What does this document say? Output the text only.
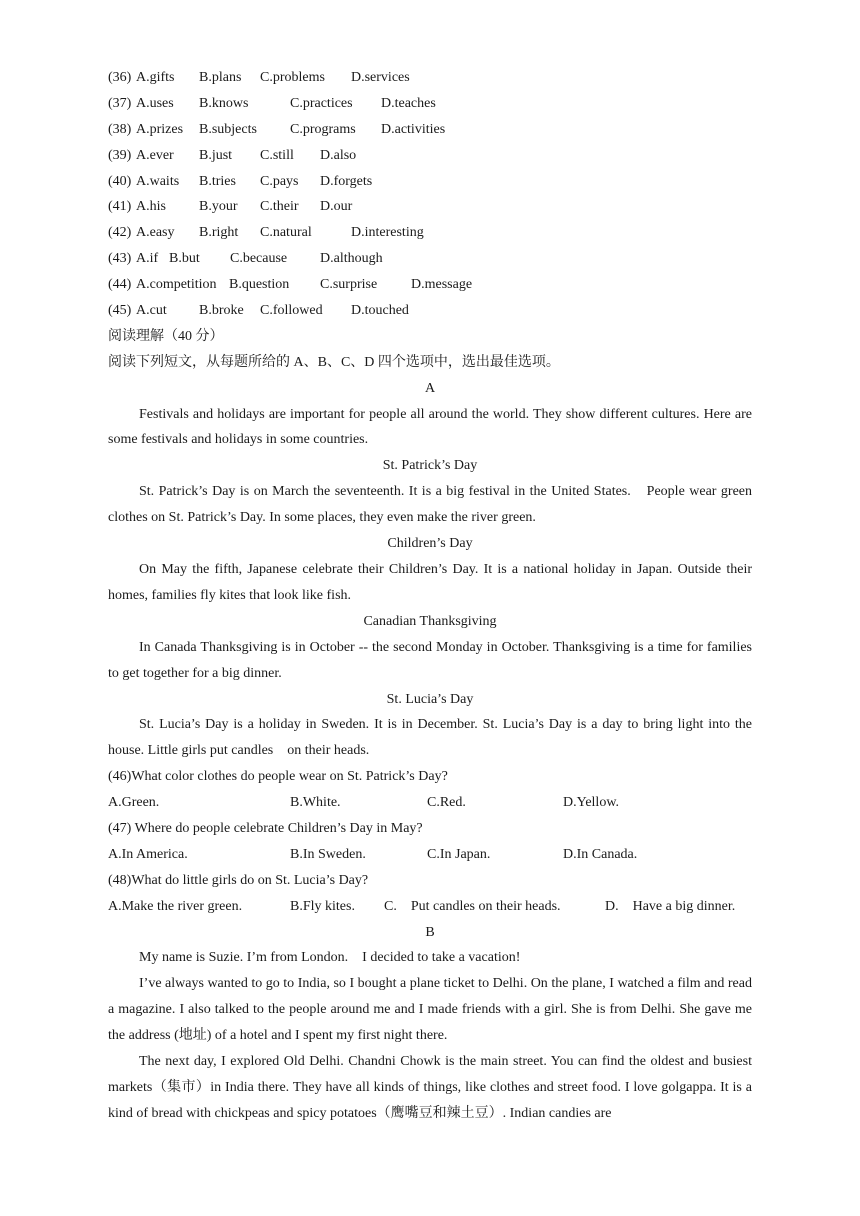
(36) A.gifts B.plans C.problems D.services
(37) A.uses B.knows	C.practices D.teaches
(38) A.prizes B.subjects C.programs D.activities
(39) A.ever B.just C.still D.also
(40) A.waits B.tries C.pays D.forgets
(41) A.his B.your C.their D.our
(42) A.easy B.right C.natural	D.interesting
(43) A.if B.but C.because D.although
(44) A.competition B.question C.surprise D.message
(45) A.cut B.broke C.followed D.touched
阅读理解（40 分）
阅读下列短文，从每题所给的 A、B、C、D 四个选项中，选出最佳选项。
A
Festivals and holidays are important for people all around the world. They show different cultures. Here are some festivals and holidays in some countries.
St. Patrick’s Day
St. Patrick’s Day is on March the seventeenth. It is a big festival in the United States.　People wear green clothes on St. Patrick’s Day. In some places, they even make the river green.
Children’s Day
On May the fifth, Japanese celebrate their Children’s Day. It is a national holiday in Japan. Outside their　homes, families fly kites that look like fish.
Canadian Thanksgiving
In Canada Thanksgiving is in October -- the second Monday in October. Thanksgiving is a time for families to get together for a big dinner.
St. Lucia’s Day
St. Lucia’s Day is a holiday in Sweden. It is in December. St. Lucia’s Day is a day to bring light into the　house. Little girls put candles　on their heads.
(46)What color clothes do people wear on St. Patrick’s Day?
A.Green.	B.White.	C.Red.	D.Yellow.
(47) Where do people celebrate Children’s Day in May?
A.In America.	B.In Sweden.	C.In Japan.	D.In Canada.
(48)What do little girls do on St. Lucia’s Day?
A.Make the river green.	B.Fly kites. C.　Put candles on their heads.	D.　Have a big dinner.
B
My name is Suzie. I’m from London.　I decided to take a vacation!
I’ve always wanted to go to India, so I bought a plane ticket to Delhi. On the plane, I watched a film and read a magazine. I also talked to the people around me and I made friends with a girl. She is from Delhi. She gave me the address (地址) of a hotel and I spent my first night there.
The next day, I explored Old Delhi. Chandni Chowk is the main street. You can find the oldest and busiest markets（集市）in India there. They have all kinds of things, like clothes and street food. I love golgappa. It is a kind of bread with chickpeas and spicy potatoes（鹰嘴豆和辣土豆）. Indian candies are
